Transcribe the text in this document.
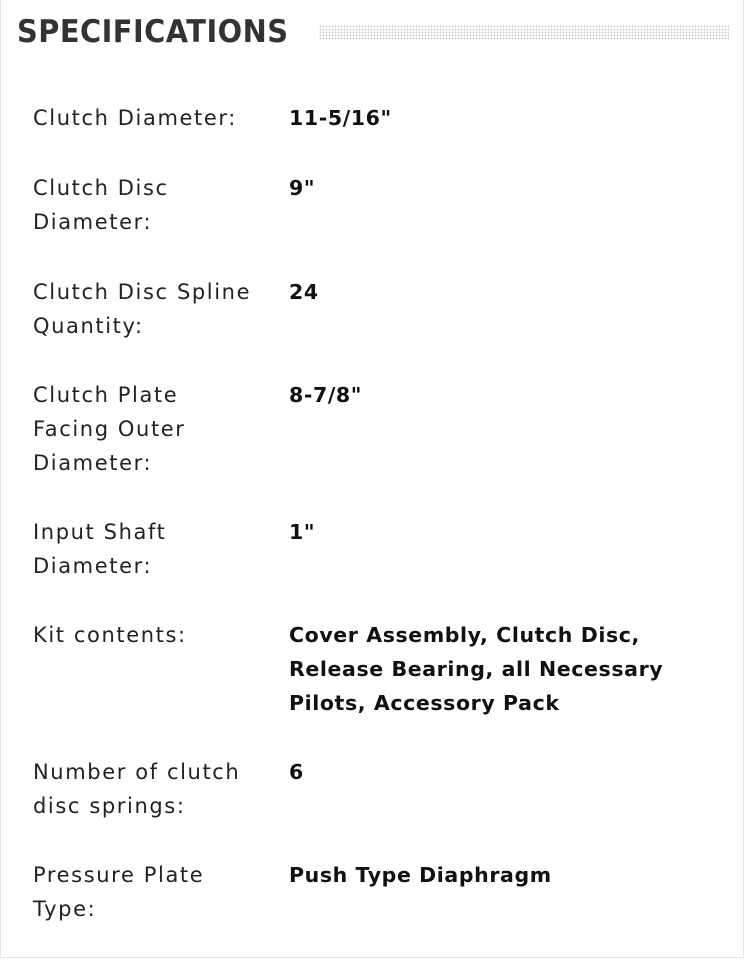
SPECIFICATIONS
Clutch Diameter:	11-5/16"
Clutch Disc Diameter:
9"
Clutch Disc Spline Quantity:
24
Clutch Plate Facing Outer Diameter:
8-7/8"
Input Shaft Diameter:
1"
Kit contents:	Cover Assembly, Clutch Disc, Release Bearing, all Necessary Pilots, Accessory Pack
Number of clutch disc springs:
6
Pressure Plate Type:
Push Type Diaphragm
